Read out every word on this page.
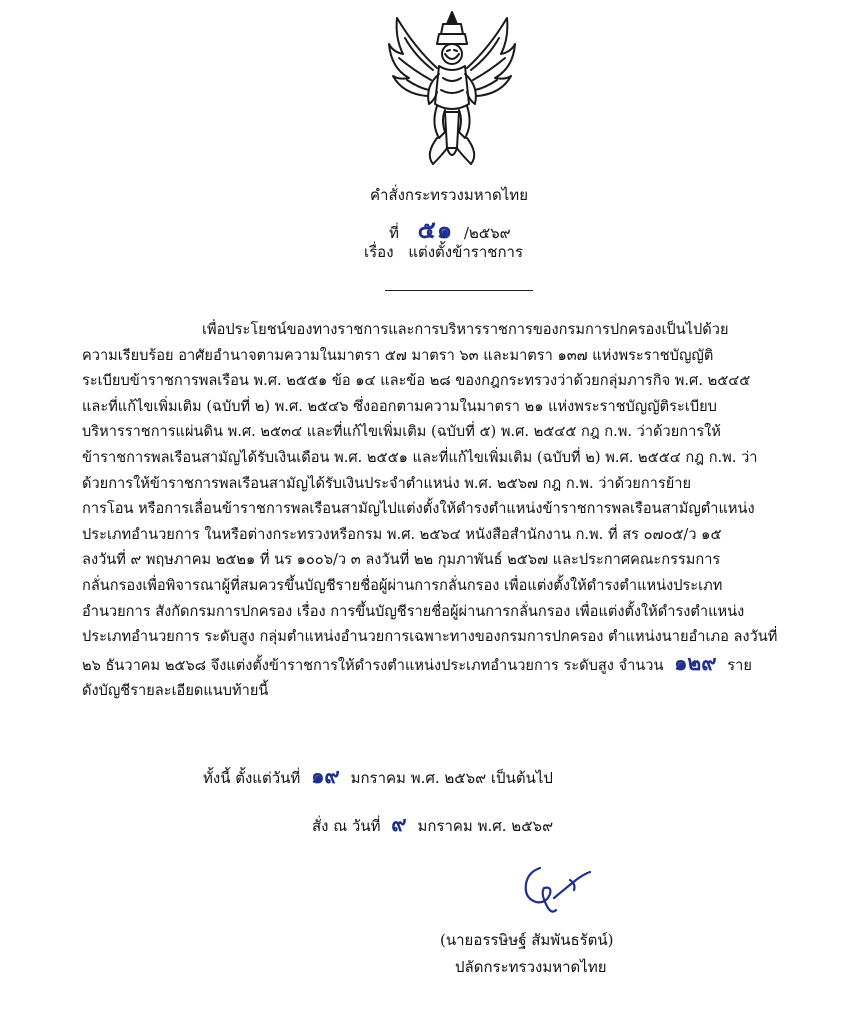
คำสั่งกระทรวงมหาดไทย
ที่ ๕๑ /๒๕๖๙
เรื่อง แต่งตั้งข้าราชการ
เพื่อประโยชน์ของทางราชการและการบริหารราชการของกรมการปกครองเป็นไปด้วย
ความเรียบร้อย อาศัยอำนาจตามความในมาตรา ๕๗ มาตรา ๖๓ และมาตรา ๑๓๗ แห่งพระราชบัญญัติ
ระเบียบข้าราชการพลเรือน พ.ศ. ๒๕๕๑ ข้อ ๑๔ และข้อ ๒๘ ของกฎกระทรวงว่าด้วยกลุ่มภารกิจ พ.ศ. ๒๕๔๕
และที่แก้ไขเพิ่มเติม (ฉบับที่ ๒) พ.ศ. ๒๕๔๖ ซึ่งออกตามความในมาตรา ๒๑ แห่งพระราชบัญญัติระเบียบ
บริหารราชการแผ่นดิน พ.ศ. ๒๕๓๔ และที่แก้ไขเพิ่มเติม (ฉบับที่ ๕) พ.ศ. ๒๕๔๕ กฎ ก.พ. ว่าด้วยการให้
ข้าราชการพลเรือนสามัญได้รับเงินเดือน พ.ศ. ๒๕๕๑ และที่แก้ไขเพิ่มเติม (ฉบับที่ ๒) พ.ศ. ๒๕๕๔ กฎ ก.พ. ว่า
ด้วยการให้ข้าราชการพลเรือนสามัญได้รับเงินประจำตำแหน่ง พ.ศ. ๒๕๖๗ กฎ ก.พ. ว่าด้วยการย้าย
การโอน หรือการเลื่อนข้าราชการพลเรือนสามัญไปแต่งตั้งให้ดำรงตำแหน่งข้าราชการพลเรือนสามัญตำแหน่ง
ประเภทอำนวยการ ในหรือต่างกระทรวงหรือกรม พ.ศ. ๒๕๖๔ หนังสือสำนักงาน ก.พ. ที่ สร ๐๗๐๕/ว ๑๕
ลงวันที่ ๙ พฤษภาคม ๒๕๒๑ ที่ นร ๑๐๐๖/ว ๓ ลงวันที่ ๒๒ กุมภาพันธ์ ๒๕๖๗ และประกาศคณะกรรมการ
กลั่นกรองเพื่อพิจารณาผู้ที่สมควรขึ้นบัญชีรายชื่อผู้ผ่านการกลั่นกรอง เพื่อแต่งตั้งให้ดำรงตำแหน่งประเภท
อำนวยการ สังกัดกรมการปกครอง เรื่อง การขึ้นบัญชีรายชื่อผู้ผ่านการกลั่นกรอง เพื่อแต่งตั้งให้ดำรงตำแหน่ง
ประเภทอำนวยการ ระดับสูง กลุ่มตำแหน่งอำนวยการเฉพาะทางของกรมการปกครอง ตำแหน่งนายอำเภอ ลงวันที่
๒๖ ธันวาคม ๒๕๖๘ จึงแต่งตั้งข้าราชการให้ดำรงตำแหน่งประเภทอำนวยการ ระดับสูง จำนวน ๑๒๙ ราย
ดังบัญชีรายละเอียดแนบท้ายนี้
ทั้งนี้ ตั้งแต่วันที่ ๑๙ มกราคม พ.ศ. ๒๕๖๙ เป็นต้นไป
สั่ง ณ วันที่ ๙ มกราคม พ.ศ. ๒๕๖๙
(นายอรรษิษฐ์ สัมพันธรัตน์)
ปลัดกระทรวงมหาดไทย
